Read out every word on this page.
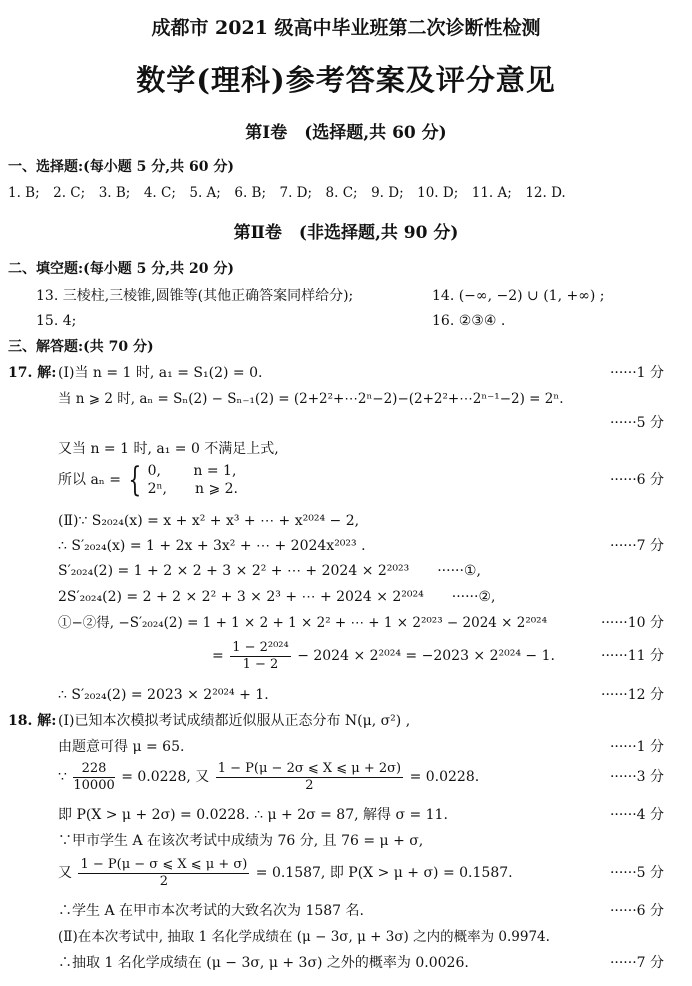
成都市 2021 级高中毕业班第二次诊断性检测
数学(理科)参考答案及评分意见
第Ⅰ卷　(选择题,共 60 分)
一、选择题:(每小题 5 分,共 60 分)
1. B;　2. C;　3. B;　4. C;　5. A;　6. B;　7. D;　8. C;　9. D;　10. D;　11. A;　12. D.
第Ⅱ卷　(非选择题,共 90 分)
二、填空题:(每小题 5 分,共 20 分)
13. 三棱柱,三棱锥,圆锥等(其他正确答案同样给分);	14. (−∞, −2) ∪ (1, +∞) ;
15. 4;	16. ②③④ .
三、解答题:(共 70 分)
17. 解: (Ⅰ)当 n = 1 时, a₁ = S₁(2) = 0.	······1 分
当 n ⩾ 2 时, aₙ = Sₙ(2) − Sₙ₋₁(2) = (2+2²+⋯2ⁿ−2)−(2+2²+⋯2ⁿ⁻¹−2) = 2ⁿ.
······5 分
又当 n = 1 时, a₁ = 0 不满足上式,
所以 aₙ = { 0,　　 n = 1,
2ⁿ,　　n ⩾ 2.
······6 分
(Ⅱ)∵ S₂₀₂₄(x) = x + x² + x³ + ⋯ + x²⁰²⁴ − 2,
∴ S′₂₀₂₄(x) = 1 + 2x + 3x² + ⋯ + 2024x²⁰²³ .	······7 分
S′₂₀₂₄(2) = 1 + 2 × 2 + 3 × 2² + ⋯ + 2024 × 2²⁰²³　　······①,
2S′₂₀₂₄(2) = 2 + 2 × 2² + 3 × 2³ + ⋯ + 2024 × 2²⁰²⁴　　······②,
①−②得, −S′₂₀₂₄(2) = 1 + 1 × 2 + 1 × 2² + ⋯ + 1 × 2²⁰²³ − 2024 × 2²⁰²⁴	······10 分
= $\frac{\text{1 − 2²⁰²⁴}}{1 - 2} - 2024 \times 2^{2024} = -2023 \times 2^{2024} - 1$.	······11 分
∴ S′₂₀₂₄(2) = 2023 × 2²⁰²⁴ + 1.	······12 分
18. 解: (Ⅰ)已知本次模拟考试成绩都近似服从正态分布 N(μ, σ²) ,
由题意可得 μ = 65.	······1 分
∵ $\frac{228}{10000} = 0.0228$, 又 $\frac{1 - P(\mu - 2\sigma ⩽ X ⩽ \mu + 2\sigma)}{2} = 0.0228$.	······3 分
即 P(X > μ + 2σ) = 0.0228. ∴ μ + 2σ = 87, 解得 σ = 11.	······4 分
∵甲市学生 A 在该次考试中成绩为 76 分, 且 76 = μ + σ,
又 $\frac{1 - P(\mu - \sigma ⩽ X ⩽ \mu + \sigma)}{2} = 0.1587$, 即 P(X > μ + σ) = 0.1587.	······5 分
∴学生 A 在甲市本次考试的大致名次为 1587 名.	······6 分
(Ⅱ)在本次考试中, 抽取 1 名化学成绩在 (μ − 3σ, μ + 3σ) 之内的概率为 0.9974.
∴抽取 1 名化学成绩在 (μ − 3σ, μ + 3σ) 之外的概率为 0.0026.	······7 分
